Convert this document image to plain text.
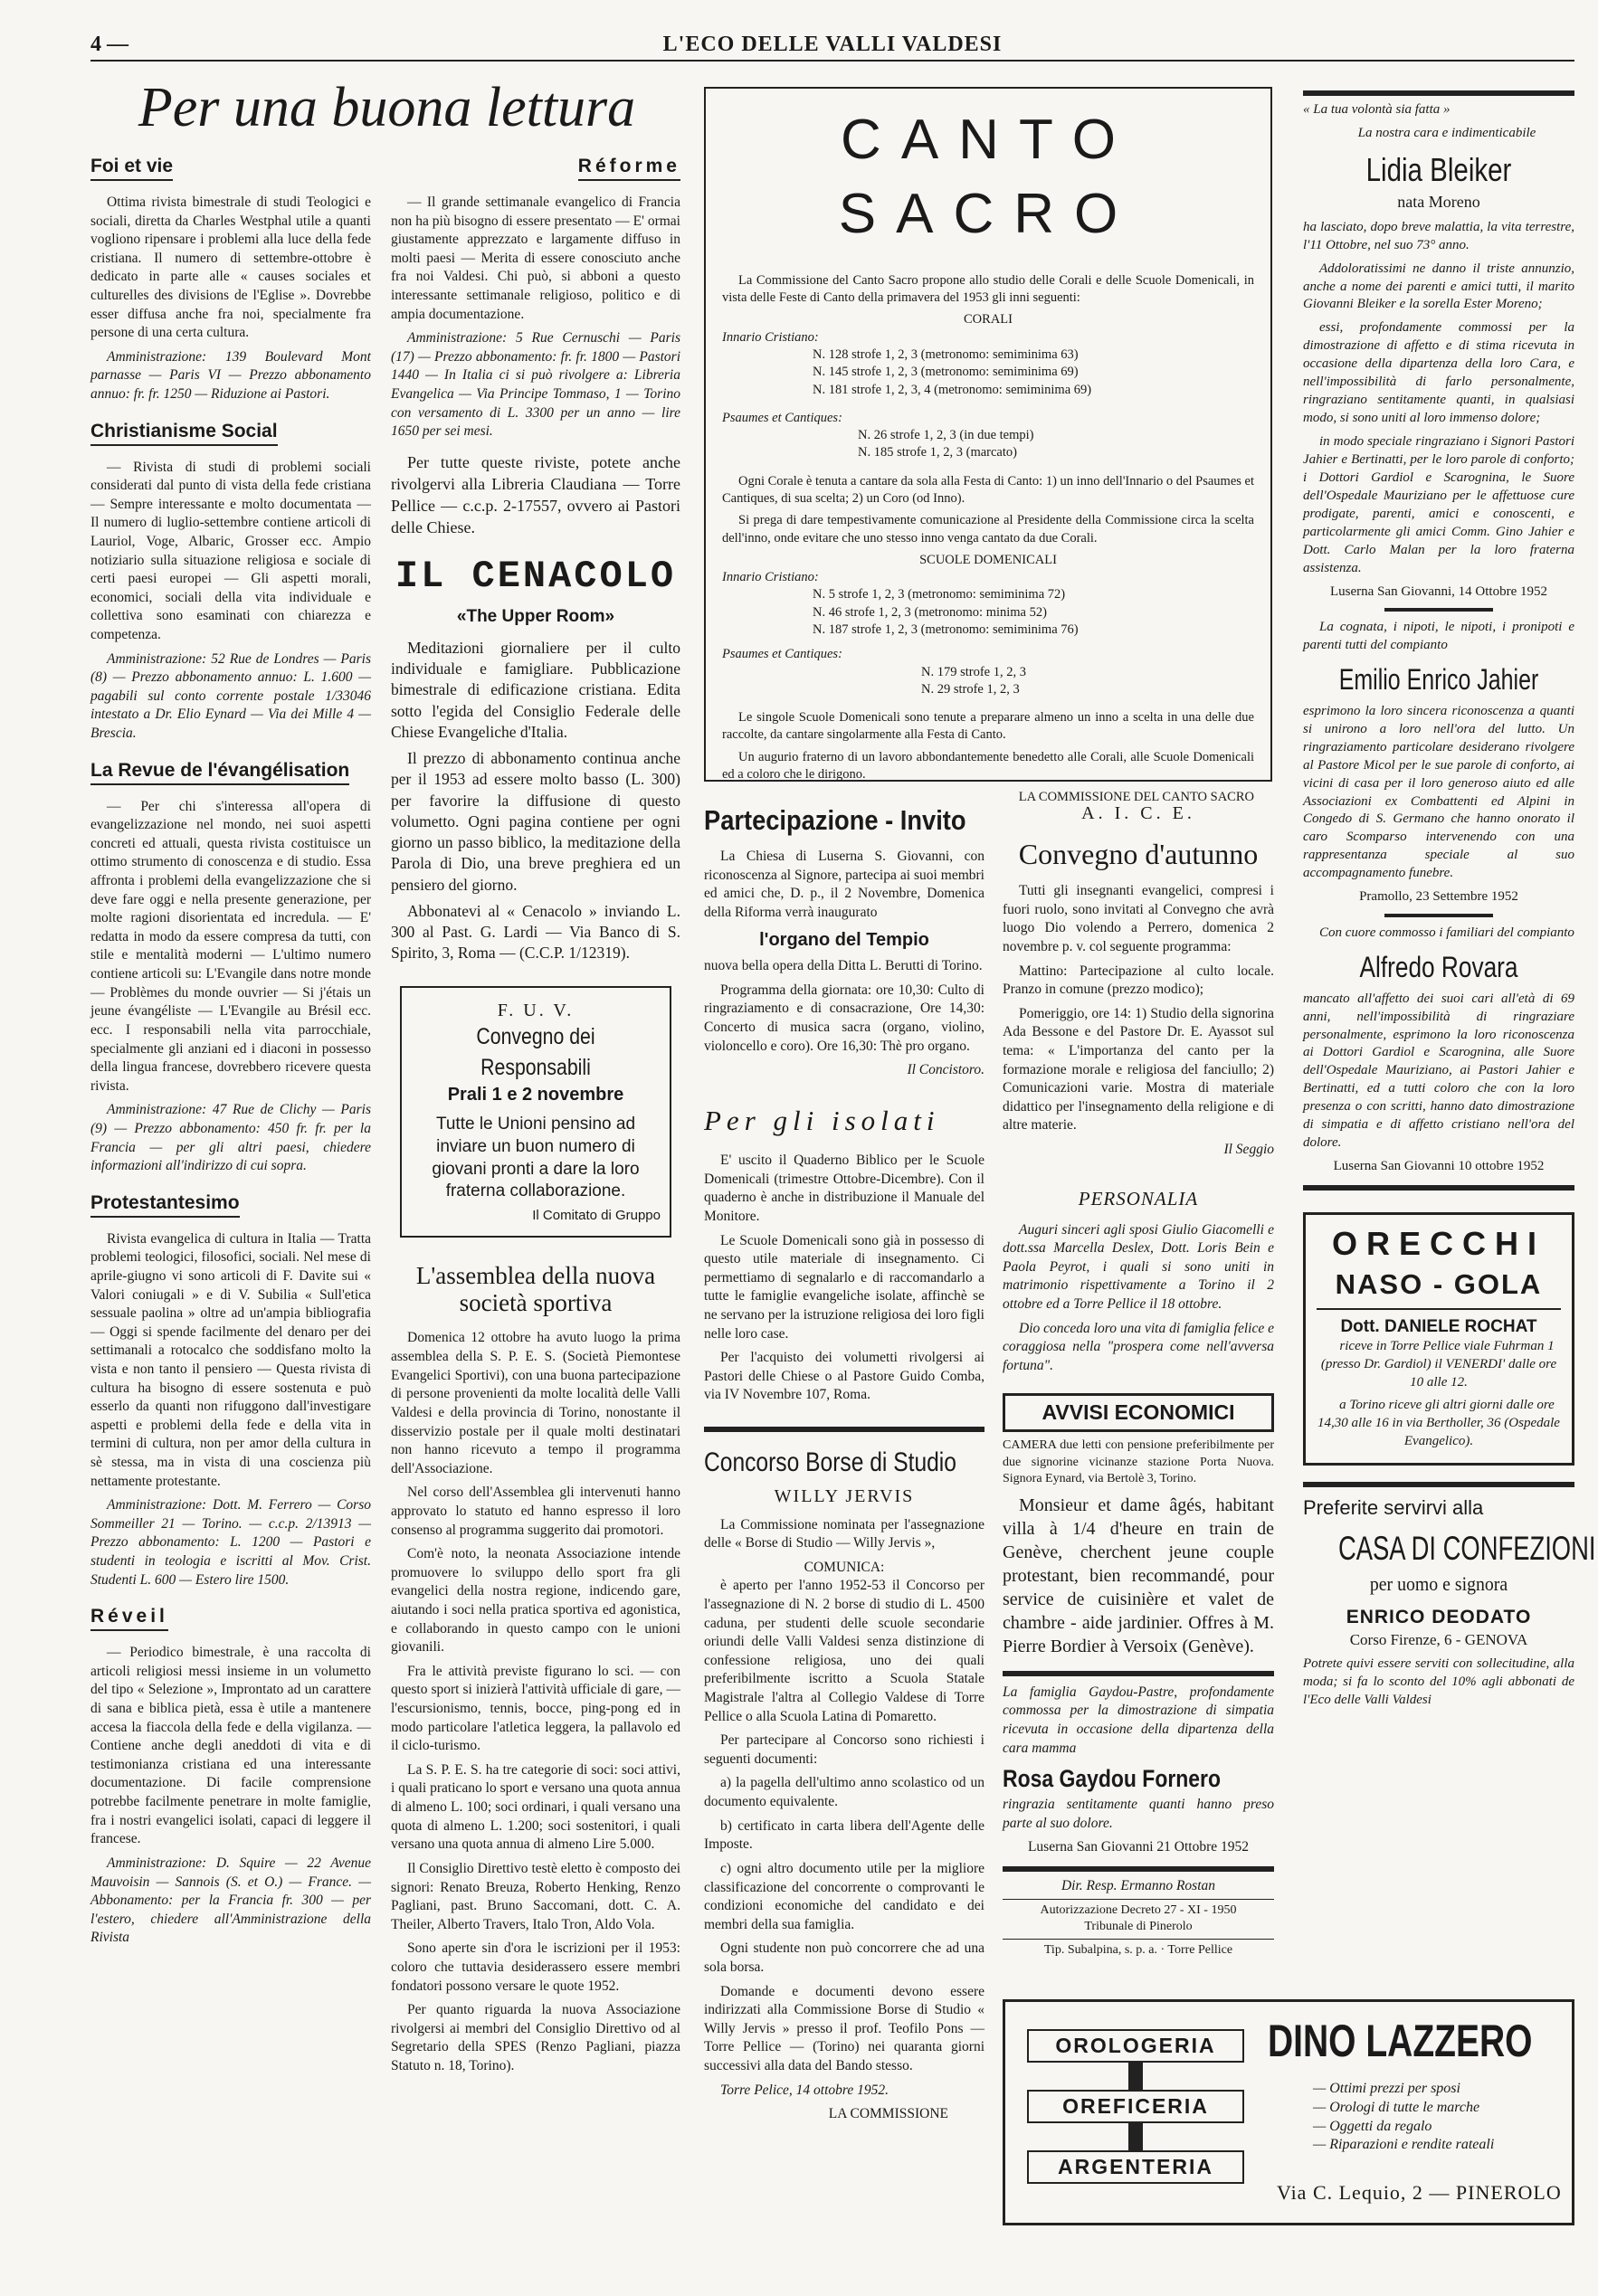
4 —	L'ECO DELLE VALLI VALDESI
Per una buona lettura
Foi et vie

Ottima rivista bimestrale di studi Teologici e sociali, diretta da Charles Westphal utile a quanti vogliono ripensare i problemi alla luce della fede cristiana. Il numero di settembre-ottobre è dedicato in parte alle « causes sociales et culturelles des divisions de l'Eglise ». Dovrebbe esser diffusa anche fra noi, specialmente fra persone di una certa cultura.

Amministrazione: 139 Boulevard Mont parnasse — Paris VI — Prezzo abbonamento annuo: fr. fr. 1250 — Riduzione ai Pastori.

Christianisme Social

— Rivista di studi di problemi sociali considerati dal punto di vista della fede cristiana — Sempre interessante e molto documentata — Il numero di luglio-settembre contiene articoli di Lauriol, Voge, Albaric, Grosser ecc. Ampio notiziario sulla situazione religiosa e sociale di certi paesi europei — Gli aspetti morali, economici, sociali della vita individuale e collettiva sono esaminati con chiarezza e competenza.

Amministrazione: 52 Rue de Londres — Paris (8) — Prezzo abbonamento annuo: L. 1.600 — pagabili sul conto corrente postale 1/33046 intestato a Dr. Elio Eynard — Via dei Mille 4 — Brescia.

La Revue de l'évangélisation

— Per chi s'interessa all'opera di evangelizzazione nel mondo, nei suoi aspetti concreti ed attuali, questa rivista costituisce un ottimo strumento di conoscenza e di studio. Essa affronta i problemi della evangelizzazione che si deve fare oggi e nella presente generazione, per molte ragioni disorientata ed incredula. — E' redatta in modo da essere compresa da tutti, con stile e mentalità moderni — L'ultimo numero contiene articoli su: L'Evangile dans notre monde — Problèmes du monde ouvrier — Si j'étais un jeune évangéliste — L'Evangile au Brésil ecc. ecc. I responsabili nella vita parrocchiale, specialmente gli anziani ed i diaconi in possesso della lingua francese, dovrebbero ricevere questa rivista.

Amministrazione: 47 Rue de Clichy — Paris (9) — Prezzo abbonamento: 450 fr. fr. per la Francia — per gli altri paesi, chiedere informazioni all'indirizzo di cui sopra.

Protestantesimo

Rivista evangelica di cultura in Italia — Tratta problemi teologici, filosofici, sociali. Nel mese di aprile-giugno vi sono articoli di F. Davite sui « Valori coniugali » e di V. Subilia « Sull'etica sessuale paolina » oltre ad un'ampia bibliografia — Oggi si spende facilmente del denaro per dei settimanali a rotocalco che soddisfano molto la vista e non tanto il pensiero — Questa rivista di cultura ha bisogno di essere sostenuta e può esserlo da quanti non rifuggono dall'investigare aspetti e problemi della fede e della vita in termini di cultura, non per amor della cultura in sè stessa, ma in vista di una coscienza più nettamente protestante.

Amministrazione: Dott. M. Ferrero — Corso Sommeiller 21 — Torino. — c.c.p. 2/13913 — Prezzo abbonamento: L. 1200 — Pastori e studenti in teologia e iscritti al Mov. Crist. Studenti L. 600 — Estero lire 1500.

Réveil

— Periodico bimestrale, è una raccolta di articoli religiosi messi insieme in un volumetto del tipo « Selezione », Improntato ad un carattere di sana e biblica pietà, essa è utile a mantenere accesa la fiaccola della fede e della vigilanza. — Contiene anche degli aneddoti di vita e di testimonianza cristiana ed una interessante documentazione. Di facile comprensione potrebbe facilmente penetrare in molte famiglie, fra i nostri evangelici isolati, capaci di leggere il francese.

Amministrazione: D. Squire — 22 Avenue Mauvoisin — Sannois (S. et O.) — France. — Abbonamento: per la Francia fr. 300 — per l'estero, chiedere all'Amministrazione della Rivista

Réforme

— Il grande settimanale evangelico di Francia non ha più bisogno di essere presentato — E' ormai giustamente apprezzato e largamente diffuso in molti paesi — Merita di essere conosciuto anche fra noi Valdesi. Chi può, si abboni a questo interessante settimanale religioso, politico e di ampia documentazione.

Amministrazione: 5 Rue Cernuschi — Paris (17) — Prezzo abbonamento: fr. fr. 1800 — Pastori 1440 — In Italia ci si può rivolgere a: Libreria Evangelica — Via Principe Tommaso, 1 — Torino con versamento di L. 3300 per un anno — lire 1650 per sei mesi.

Per tutte queste riviste, potete anche rivolgervi alla Libreria Claudiana — Torre Pellice — c.c.p. 2-17557, ovvero ai Pastori delle Chiese.

IL CENACOLO
«The Upper Room»

Meditazioni giornaliere per il culto individuale e famigliare. Pubblicazione bimestrale di edificazione cristiana. Edita sotto l'egida del Consiglio Federale delle Chiese Evangeliche d'Italia.

Il prezzo di abbonamento continua anche per il 1953 ad essere molto basso (L. 300) per favorire la diffusione di questo volumetto. Ogni pagina contiene per ogni giorno un passo biblico, la meditazione della Parola di Dio, una breve preghiera ed un pensiero del giorno.

Abbonatevi al « Cenacolo » inviando L. 300 al Past. G. Lardi — Via Banco di S. Spirito, 3, Roma — (C.C.P. 1/12319).

F. U. V.
Convegno dei Responsabili
Prali 1 e 2 novembre
Tutte le Unioni pensino ad inviare un buon numero di giovani pronti a dare la loro fraterna collaborazione.
Il Comitato di Gruppo
L'assemblea della nuova società sportiva

Domenica 12 ottobre ha avuto luogo la prima assemblea della S. P. E. S. (Società Piemontese Evangelici Sportivi), con una buona partecipazione di persone provenienti da molte località delle Valli Valdesi e della provincia di Torino, nonostante il disservizio postale per il quale molti destinatari non hanno ricevuto a tempo il programma dell'Associazione.

Nel corso dell'Assemblea gli intervenuti hanno approvato lo statuto ed hanno espresso il loro consenso al programma suggerito dai promotori.

Com'è noto, la neonata Associazione intende promuovere lo sviluppo dello sport fra gli evangelici della nostra regione, indicendo gare, aiutando i soci nella pratica sportiva ed agonistica, e collaborando in questo campo con le unioni giovanili.

Fra le attività previste figurano lo sci. — con questo sport si inizierà l'attività ufficiale di gare, — l'escursionismo, tennis, bocce, ping-pong ed in modo particolare l'atletica leggera, la pallavolo ed il ciclo-turismo.

La S. P. E. S. ha tre categorie di soci: soci attivi, i quali praticano lo sport e versano una quota annua di almeno L. 100; soci ordinari, i quali versano una quota di almeno L. 1.200; soci sostenitori, i quali versano una quota annua di almeno Lire 5.000.

Il Consiglio Direttivo testè eletto è composto dei signori: Renato Breuza, Roberto Henking, Renzo Pagliani, past. Bruno Saccomani, dott. C. A. Theiler, Alberto Travers, Italo Tron, Aldo Vola.

Sono aperte sin d'ora le iscrizioni per il 1953: coloro che tuttavia desiderassero essere membri fondatori possono versare le quote 1952.

Per quanto riguarda la nuova Associazione rivolgersi ai membri del Consiglio Direttivo od al Segretario della SPES (Renzo Pagliani, piazza Statuto n. 18, Torino).

CANTO SACRO

La Commissione del Canto Sacro propone allo studio delle Corali e delle Scuole Domenicali, in vista delle Feste di Canto della primavera del 1953 gli inni seguenti:

CORALI
Innario Cristiano:
N. 128 strofe 1, 2, 3 (metronomo: semiminima 63)
N. 145 strofe 1, 2, 3 (metronomo: semiminima 69)
N. 181 strofe 1, 2, 3, 4 (metronomo: semiminima 69)
Psaumes et Cantiques:
N. 26 strofe 1, 2, 3 (in due tempi)
N. 185 strofe 1, 2, 3 (marcato)

Ogni Corale è tenuta a cantare da sola alla Festa di Canto: 1) un inno dell'Innario o del Psaumes et Cantiques, di sua scelta; 2) un Coro (od Inno).

Si prega di dare tempestivamente comunicazione al Presidente della Commissione circa la scelta dell'inno, onde evitare che uno stesso inno venga cantato da due Corali.

SCUOLE DOMENICALI
Innario Cristiano:
N. 5 strofe 1, 2, 3 (metronomo: semiminima 72)
N. 46 strofe 1, 2, 3 (metronomo: minima 52)
N. 187 strofe 1, 2, 3 (metronomo: semiminima 76)
Psaumes et Cantiques:
N. 179 strofe 1, 2, 3
N. 29 strofe 1, 2, 3

Le singole Scuole Domenicali sono tenute a preparare almeno un inno a scelta in una delle due raccolte, da cantare singolarmente alla Festa di Canto.

Un augurio fraterno di un lavoro abbondantemente benedetto alle Corali, alle Scuole Domenicali ed a coloro che le dirigono.

LA COMMISSIONE DEL CANTO SACRO
Partecipazione - Invito

La Chiesa di Luserna S. Giovanni, con riconoscenza al Signore, partecipa ai suoi membri ed amici che, D. p., il 2 Novembre, Domenica della Riforma verrà inaugurato

l'organo del Tempio

nuova bella opera della Ditta L. Berutti di Torino.

Programma della giornata: ore 10,30: Culto di ringraziamento e di consacrazione, Ore 14,30: Concerto di musica sacra (organo, violino, violoncello e coro). Ore 16,30: Thè pro organo.

Il Concistoro.
Per gli isolati

E' uscito il Quaderno Biblico per le Scuole Domenicali (trimestre Ottobre-Dicembre). Con il quaderno è anche in distribuzione il Manuale del Monitore.

Le Scuole Domenicali sono già in possesso di questo utile materiale di insegnamento. Ci permettiamo di segnalarlo e di raccomandarlo a tutte le famiglie evangeliche isolate, affinchè se ne servano per la istruzione religiosa dei loro figli nelle loro case.

Per l'acquisto dei volumetti rivolgersi ai Pastori delle Chiese o al Pastore Guido Comba, via IV Novembre 107, Roma.

Concorso Borse di Studio
WILLY JERVIS

La Commissione nominata per l'assegnazione delle « Borse di Studio — Willy Jervis »,

COMUNICA:

è aperto per l'anno 1952-53 il Concorso per l'assegnazione di N. 2 borse di studio di L. 4500 caduna, per studenti delle scuole secondarie oriundi delle Valli Valdesi senza distinzione di confessione religiosa, uno dei quali preferibilmente iscritto a Scuola Statale Magistrale l'altra al Collegio Valdese di Torre Pellice o alla Scuola Latina di Pomaretto.

Per partecipare al Concorso sono richiesti i seguenti documenti:

a) la pagella dell'ultimo anno scolastico od un documento equivalente.

b) certificato in carta libera dell'Agente delle Imposte.

c) ogni altro documento utile per la migliore classificazione del concorrente o comprovanti le condizioni economiche del candidato e dei membri della sua famiglia.

Ogni studente non può concorrere che ad una sola borsa.

Domande e documenti devono essere indirizzati alla Commissione Borse di Studio « Willy Jervis » presso il prof. Teofilo Pons — Torre Pellice — (Torino) nei quaranta giorni successivi alla data del Bando stesso.

Torre Pelice, 14 ottobre 1952.

LA COMMISSIONE
A. I. C. E.
Convegno d'autunno

Tutti gli insegnanti evangelici, compresi i fuori ruolo, sono invitati al Convegno che avrà luogo Dio volendo a Perrero, domenica 2 novembre p. v. col seguente programma:

Mattino: Partecipazione al culto locale. Pranzo in comune (prezzo modico);

Pomeriggio, ore 14: 1) Studio della signorina Ada Bessone e del Pastore Dr. E. Ayassot sul tema: « L'importanza del canto per la formazione morale e religiosa del fanciullo; 2) Comunicazioni varie. Mostra di materiale didattico per l'insegnamento della religione e di altre materie.

Il Seggio
PERSONALIA

Auguri sinceri agli sposi Giulio Giacomelli e dott.ssa Marcella Deslex, Dott. Loris Bein e Paola Peyrot, i quali si sono uniti in matrimonio rispettivamente a Torino il 2 ottobre ed a Torre Pellice il 18 ottobre.

Dio conceda loro una vita di famiglia felice e coraggiosa nella "prospera come nell'avversa fortuna".

AVVISI ECONOMICI

CAMERA due letti con pensione preferibilmente per due signorine vicinanze stazione Porta Nuova. Signora Eynard, via Bertolè 3, Torino.

Monsieur et dame âgés, habitant villa à 1/4 d'heure en train de Genève, cherchent jeune couple protestant, bien recommandé, pour service de cuisinière et valet de chambre - aide jardinier. Offres à M. Pierre Bordier à Versoix (Genève).

La famiglia Gaydou-Pastre, profondamente commossa per la dimostrazione di simpatia ricevuta in occasione della dipartenza della cara mamma

Rosa Gaydou Fornero

ringrazia sentitamente quanti hanno preso parte al suo dolore.

Luserna San Giovanni 21 Ottobre 1952
Dir. Resp. Ermanno Rostan
Autorizzazione Decreto 27 - XI - 1950
Tribunale di Pinerolo
Tip. Subalpina, s. p. a. · Torre Pellice

« La tua volontà sia fatta »

La nostra cara e indimenticabile

Lidia Bleiker
nata Moreno

ha lasciato, dopo breve malattia, la vita terrestre, l'11 Ottobre, nel suo 73° anno.

Addoloratissimi ne danno il triste annunzio, anche a nome dei parenti e amici tutti, il marito Giovanni Bleiker e la sorella Ester Moreno;

essi, profondamente commossi per la dimostrazione di affetto e di stima ricevuta in occasione della dipartenza della loro Cara, e nell'impossibilità di farlo personalmente, ringraziano sentitamente quanti, in qualsiasi modo, si sono uniti al loro immenso dolore;

in modo speciale ringraziano i Signori Pastori Jahier e Bertinatti, per le loro parole di conforto; i Dottori Gardiol e Scarognina, le Suore dell'Ospedale Mauriziano per le affettuose cure prodigate, parenti, amici e conoscenti, e particolarmente gli amici Comm. Gino Jahier e Dott. Carlo Malan per la loro fraterna assistenza.

Luserna San Giovanni, 14 Ottobre 1952

La cognata, i nipoti, le nipoti, i pronipoti e parenti tutti del compianto

Emilio Enrico Jahier

esprimono la loro sincera riconoscenza a quanti si unirono a loro nell'ora del lutto. Un ringraziamento particolare desiderano rivolgere al Pastore Micol per le sue parole di conforto, ai vicini di casa per il loro generoso aiuto ed alle Associazioni ex Combattenti ed Alpini in Congedo di S. Germano che hanno onorato il caro Scomparso intervenendo con una rappresentanza speciale al suo accompagnamento funebre.

Pramollo, 23 Settembre 1952

Con cuore commosso i familiari del compianto

Alfredo Rovara

mancato all'affetto dei suoi cari all'età di 69 anni, nell'impossibilità di ringraziare personalmente, esprimono la loro riconoscenza ai Dottori Gardiol e Scarognina, alle Suore dell'Ospedale Mauriziano, ai Pastori Jahier e Bertinatti, ed a tutti coloro che con la loro presenza o con scritti, hanno dato dimostrazione di simpatia e di affetto cristiano nell'ora del dolore.

Luserna San Giovanni 10 ottobre 1952
ORECCHI
NASO - GOLA
Dott. DANIELE ROCHAT

riceve in Torre Pellice viale Fuhrman 1 (presso Dr. Gardiol) il VENERDI' dalle ore 10 alle 12.

a Torino riceve gli altri giorni dalle ore 14,30 alle 16 in via Bertholler, 36 (Ospedale Evangelico).

Preferite servirvi alla
CASA DI CONFEZIONI
per uomo e signora
ENRICO DEODATO
Corso Firenze, 6 - GENOVA

Potrete quivi essere serviti con sollecitudine, alla moda; si fa lo sconto del 10% agli abbonati de l'Eco delle Valli Valdesi

OROLOGERIA
OREFICERIA
ARGENTERIA
DINO LAZZERO
— Ottimi prezzi per sposi
— Orologi di tutte le marche
— Oggetti da regalo
— Riparazioni e rendite rateali
Via C. Lequio, 2 — PINEROLO
